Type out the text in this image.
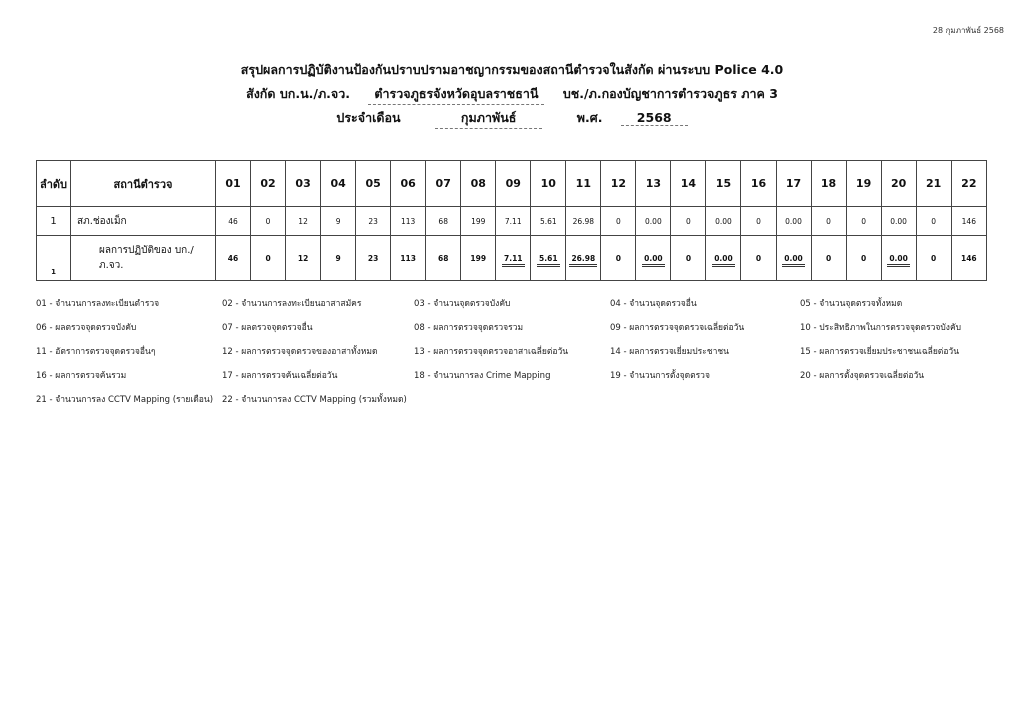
28 กุมภาพันธ์ 2568
สรุปผลการปฏิบัติงานป้องกันปราบปรามอาชญากรรมของสถานีตำรวจในสังกัด ผ่านระบบ Police 4.0
สังกัด บก.น./ภ.จว. ตำรวจภูธรจังหวัดอุบลราชธานี บช./ภ.กองบัญชาการตำรวจภูธร ภาค 3
ประจำเดือน	กุมภาพันธ์	พ.ศ.	2568
ลำดับ	สถานีตำรวจ	01	02	03	04	05	06	07	08	09	10	11	12	13	14	15	16	17	18	19	20	21	22
1	สภ.ช่องเม็ก	46	0	12	9	23	113	68	199	7.11	5.61	26.98	0	0.00	0	0.00	0	0.00	0	0	0.00	0	146
1	ผลการปฏิบัติของ บก./ภ.จว.	46	0	12	9	23	113	68	199	7.11	5.61	26.98	0	0.00	0	0.00	0	0.00	0	0	0.00	0	146
01 - จำนวนการลงทะเบียนตำรวจ	02 - จำนวนการลงทะเบียนอาสาสมัคร	03 - จำนวนจุดตรวจบังคับ	04 - จำนวนจุดตรวจอื่น	05 - จำนวนจุดตรวจทั้งหมด
06 - ผลตรวจจุดตรวจบังคับ	07 - ผลตรวจจุดตรวจอื่น	08 - ผลการตรวจจุดตรวจรวม	09 - ผลการตรวจจุดตรวจเฉลี่ยต่อวัน	10 - ประสิทธิภาพในการตรวจจุดตรวจบังคับ
11 - อัตราการตรวจจุดตรวจอื่นๆ	12 - ผลการตรวจจุดตรวจของอาสาทั้งหมด	13 - ผลการตรวจจุดตรวจอาสาเฉลี่ยต่อวัน	14 - ผลการตรวจเยี่ยมประชาชน	15 - ผลการตรวจเยี่ยมประชาชนเฉลี่ยต่อวัน
16 - ผลการตรวจค้นรวม	17 - ผลการตรวจค้นเฉลี่ยต่อวัน	18 - จำนวนการลง Crime Mapping	19 - จำนวนการตั้งจุดตรวจ	20 - ผลการตั้งจุดตรวจเฉลี่ยต่อวัน
21 - จำนวนการลง CCTV Mapping (รายเดือน) 22 - จำนวนการลง CCTV Mapping (รวมทั้งหมด)
